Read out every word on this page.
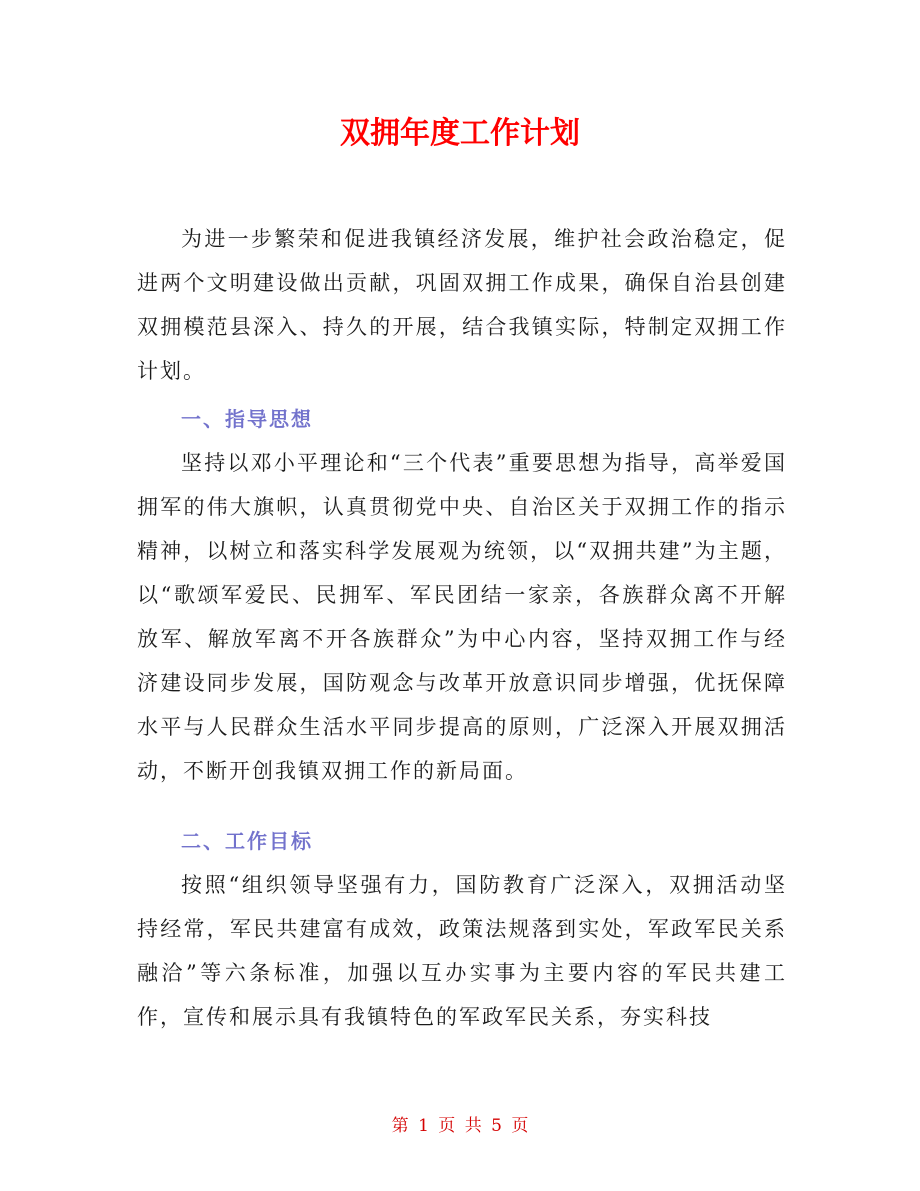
双拥年度工作计划

为进一步繁荣和促进我镇经济发展，维护社会政治稳定，促进两个文明建设做出贡献，巩固双拥工作成果，确保自治县创建双拥模范县深入、持久的开展，结合我镇实际，特制定双拥工作计划。

一、指导思想

坚持以邓小平理论和“三个代表”重要思想为指导，高举爱国拥军的伟大旗帜，认真贯彻党中央、自治区关于双拥工作的指示精神，以树立和落实科学发展观为统领，以“双拥共建”为主题，以“歌颂军爱民、民拥军、军民团结一家亲，各族群众离不开解放军、解放军离不开各族群众”为中心内容，坚持双拥工作与经济建设同步发展，国防观念与改革开放意识同步增强，优抚保障水平与人民群众生活水平同步提高的原则，广泛深入开展双拥活动，不断开创我镇双拥工作的新局面。

二、工作目标

按照“组织领导坚强有力，国防教育广泛深入，双拥活动坚持经常，军民共建富有成效，政策法规落到实处，军政军民关系融洽”等六条标准，加强以互办实事为主要内容的军民共建工作，宣传和展示具有我镇特色的军政军民关系，夯实科技

第 1 页 共 5 页
